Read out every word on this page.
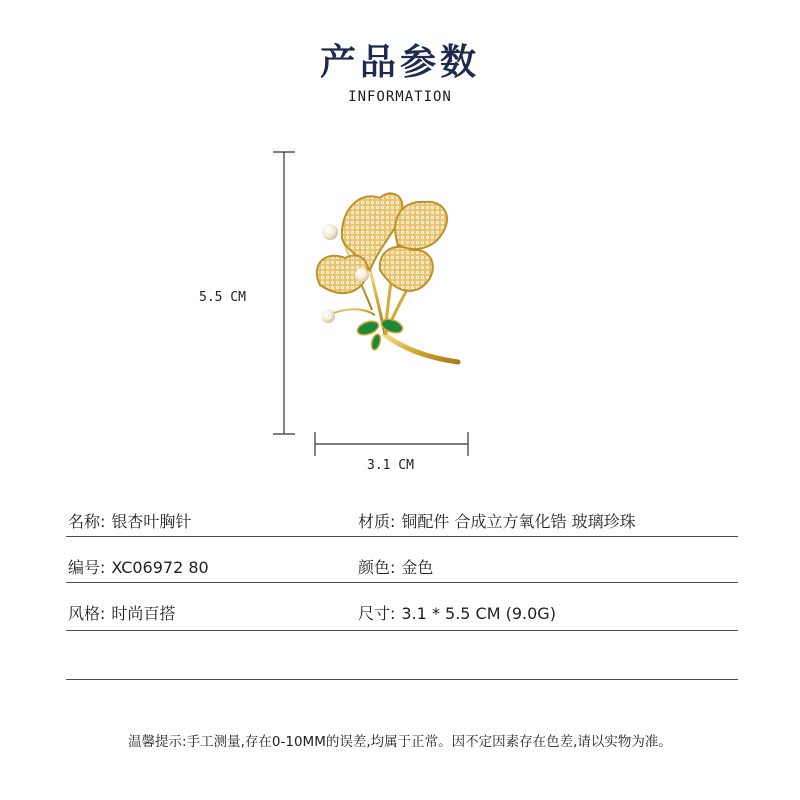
产品参数
INFORMATION
5.5 CM
3.1 CM
名称: 银杏叶胸针	材质: 铜配件 合成立方氧化锆 玻璃珍珠
编号: XC06972 80	颜色: 金色
风格: 时尚百搭	尺寸: 3.1 * 5.5 CM (9.0G)
温馨提示:手工测量,存在0-10MM的误差,均属于正常。因不定因素存在色差,请以实物为准。
